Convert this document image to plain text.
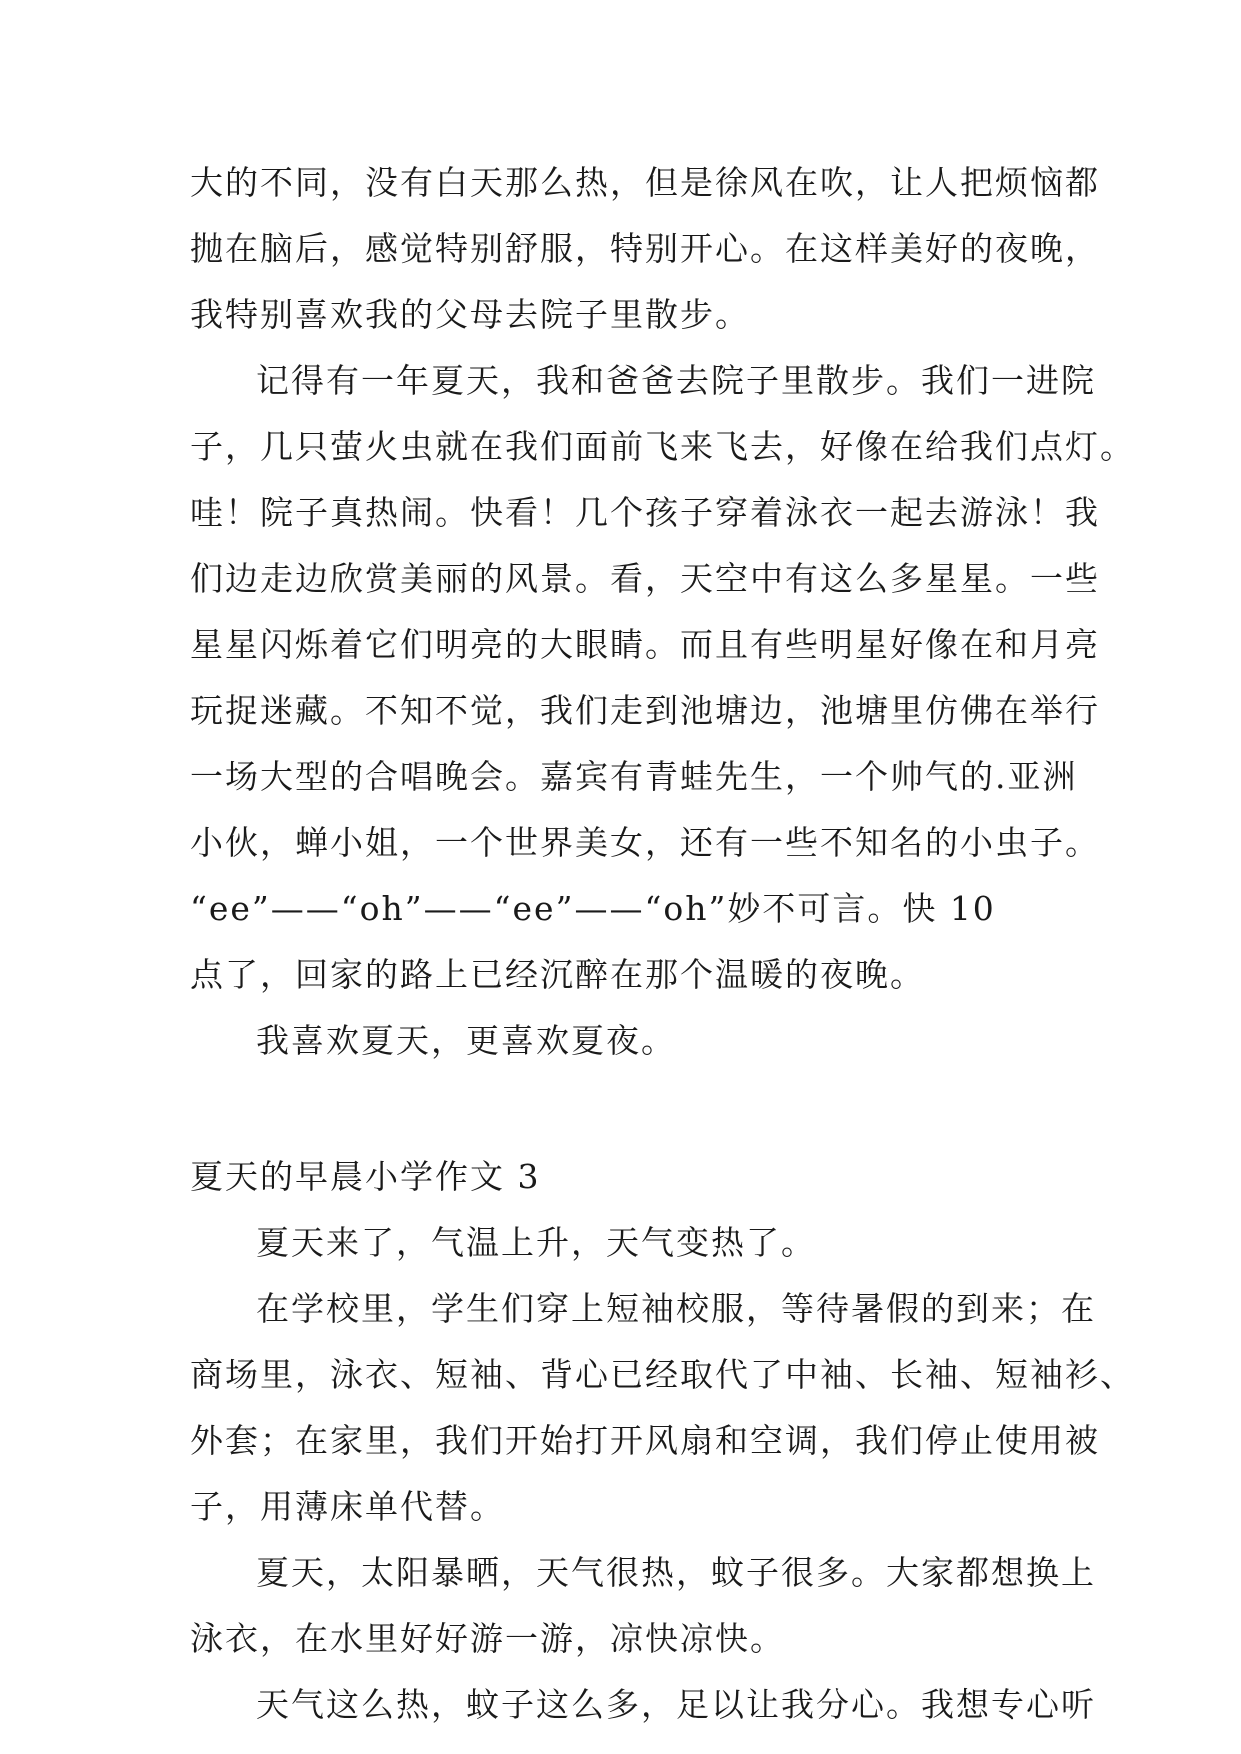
大的不同，没有白天那么热，但是徐风在吹，让人把烦恼都
抛在脑后，感觉特别舒服，特别开心。在这样美好的夜晚，
我特别喜欢我的父母去院子里散步。
记得有一年夏天，我和爸爸去院子里散步。我们一进院
子，几只萤火虫就在我们面前飞来飞去，好像在给我们点灯。
哇！院子真热闹。快看！几个孩子穿着泳衣一起去游泳！我
们边走边欣赏美丽的风景。看，天空中有这么多星星。一些
星星闪烁着它们明亮的大眼睛。而且有些明星好像在和月亮
玩捉迷藏。不知不觉，我们走到池塘边，池塘里仿佛在举行
一场大型的合唱晚会。嘉宾有青蛙先生，一个帅气的.亚洲
小伙，蝉小姐，一个世界美女，还有一些不知名的小虫子。
“ee”——“oh”——“ee”——“oh”妙不可言。快 10
点了，回家的路上已经沉醉在那个温暖的夜晚。
我喜欢夏天，更喜欢夏夜。
夏天的早晨小学作文 3
夏天来了，气温上升，天气变热了。
在学校里，学生们穿上短袖校服，等待暑假的到来；在
商场里，泳衣、短袖、背心已经取代了中袖、长袖、短袖衫、
外套；在家里，我们开始打开风扇和空调，我们停止使用被
子，用薄床单代替。
夏天，太阳暴晒，天气很热，蚊子很多。大家都想换上
泳衣，在水里好好游一游，凉快凉快。
天气这么热，蚊子这么多，足以让我分心。我想专心听
